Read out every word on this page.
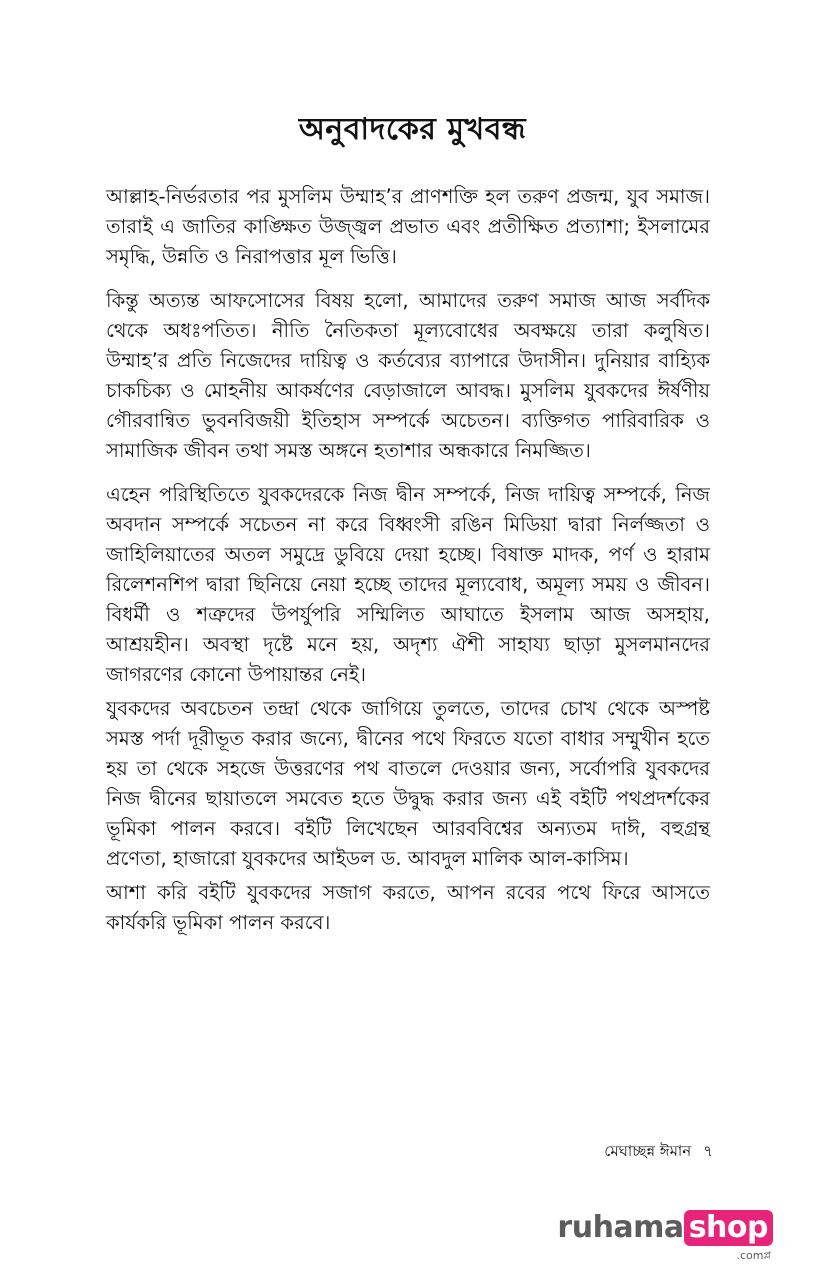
অনুবাদকের মুখবন্ধ

আল্লাহ-নির্ভরতার পর মুসলিম উম্মাহ’র প্রাণশক্তি হল তরুণ প্রজন্ম, যুব সমাজ। তারাই এ জাতির কাঙ্ক্ষিত উজ্জ্বল প্রভাত এবং প্রতীক্ষিত প্রত্যাশা; ইসলামের সমৃদ্ধি, উন্নতি ও নিরাপত্তার মূল ভিত্তি।

কিন্তু অত্যন্ত আফসোসের বিষয় হলো, আমাদের তরুণ সমাজ আজ সর্বদিক থেকে অধঃপতিত। নীতি নৈতিকতা মূল্যবোধের অবক্ষয়ে তারা কলুষিত। উম্মাহ’র প্রতি নিজেদের দায়িত্ব ও কর্তব্যের ব্যাপারে উদাসীন। দুনিয়ার বাহ্যিক চাকচিক্য ও মোহনীয় আকর্ষণের বেড়াজালে আবদ্ধ। মুসলিম যুবকদের ঈর্ষণীয় গৌরবান্বিত ভুবনবিজয়ী ইতিহাস সম্পর্কে অচেতন। ব্যক্তিগত পারিবারিক ও সামাজিক জীবন তথা সমস্ত অঙ্গনে হতাশার অন্ধকারে নিমজ্জিত।

এহেন পরিস্থিতিতে যুবকদেরকে নিজ দ্বীন সম্পর্কে, নিজ দায়িত্ব সম্পর্কে, নিজ অবদান সম্পর্কে সচেতন না করে বিধ্বংসী রঙিন মিডিয়া দ্বারা নির্লজ্জতা ও জাহিলিয়াতের অতল সমুদ্রে ডুবিয়ে দেয়া হচ্ছে। বিষাক্ত মাদক, পর্ণ ও হারাম রিলেশনশিপ দ্বারা ছিনিয়ে নেয়া হচ্ছে তাদের মূল্যবোধ, অমূল্য সময় ও জীবন। বিধর্মী ও শত্রুদের উপর্যুপরি সম্মিলিত আঘাতে ইসলাম আজ অসহায়, আশ্রয়হীন। অবস্থা দৃষ্টে মনে হয়, অদৃশ্য ঐশী সাহায্য ছাড়া মুসলমানদের জাগরণের কোনো উপায়ান্তর নেই।

যুবকদের অবচেতন তন্দ্রা থেকে জাগিয়ে তুলতে, তাদের চোখ থেকে অস্পষ্ট সমস্ত পর্দা দূরীভূত করার জন্যে, দ্বীনের পথে ফিরতে যতো বাধার সম্মুখীন হতে হয় তা থেকে সহজে উত্তরণের পথ বাতলে দেওয়ার জন্য, সর্বোপরি যুবকদের নিজ দ্বীনের ছায়াতলে সমবেত হতে উদ্বুদ্ধ করার জন্য এই বইটি পথপ্রদর্শকের ভূমিকা পালন করবে। বইটি লিখেছেন আরববিশ্বের অন্যতম দাঈ, বহুগ্রন্থ প্রণেতা, হাজারো যুবকদের আইডল ড. আবদুল মালিক আল-কাসিম।

আশা করি বইটি যুবকদের সজাগ করতে, আপন রবের পথে ফিরে আসতে কার্যকরি ভূমিকা পালন করবে।

মেঘাচ্ছন্ন ঈমান ৭
ruhama shop
.comপ্ল
